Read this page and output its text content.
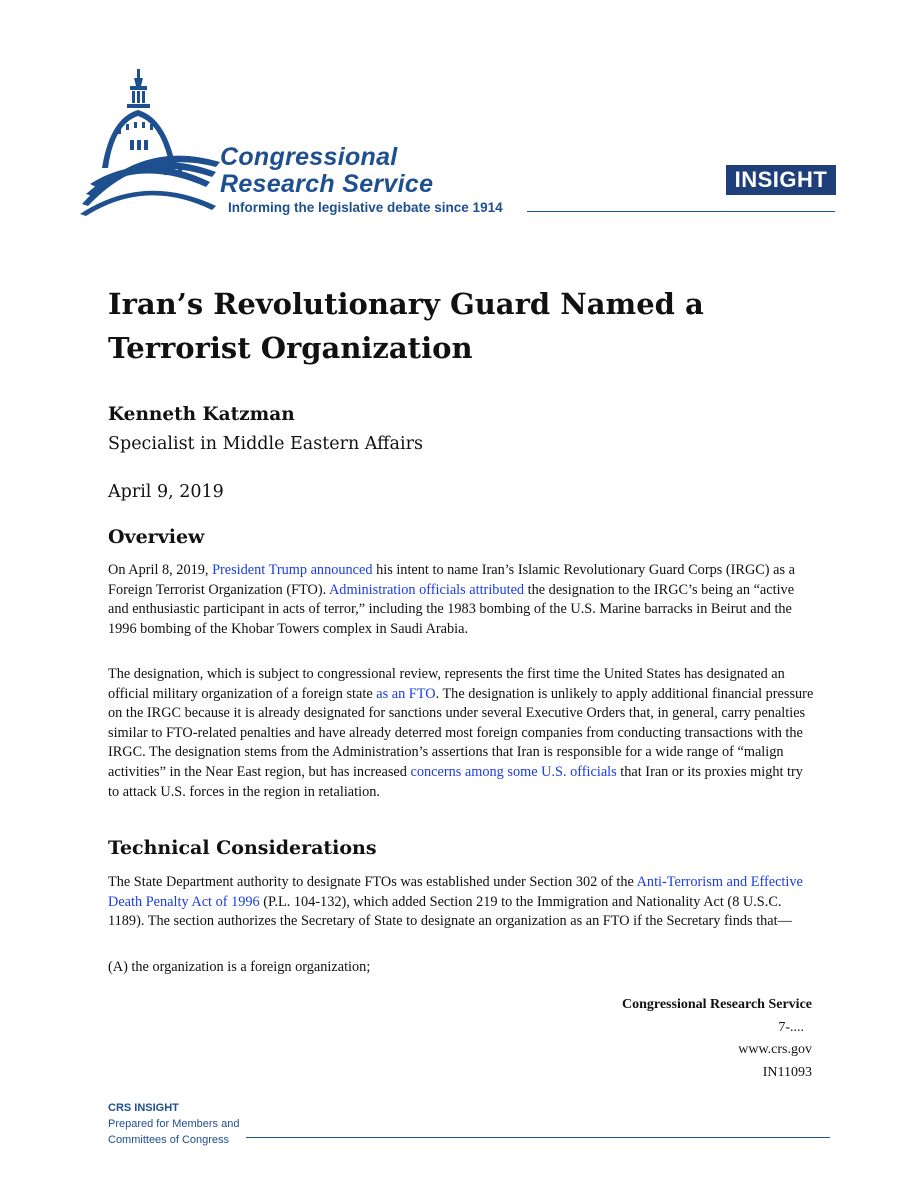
Congressional
Research Service
Informing the legislative debate since 1914
INSIGHT
Iran’s Revolutionary Guard Named a Terrorist Organization
Kenneth Katzman
Specialist in Middle Eastern Affairs
April 9, 2019
Overview

On April 8, 2019, President Trump announced his intent to name Iran’s Islamic Revolutionary Guard Corps (IRGC) as a Foreign Terrorist Organization (FTO). Administration officials attributed the designation to the IRGC’s being an “active and enthusiastic participant in acts of terror,” including the 1983 bombing of the U.S. Marine barracks in Beirut and the 1996 bombing of the Khobar Towers complex in Saudi Arabia.

The designation, which is subject to congressional review, represents the first time the United States has designated an official military organization of a foreign state as an FTO. The designation is unlikely to apply additional financial pressure on the IRGC because it is already designated for sanctions under several Executive Orders that, in general, carry penalties similar to FTO-related penalties and have already deterred most foreign companies from conducting transactions with the IRGC. The designation stems from the Administration’s assertions that Iran is responsible for a wide range of “malign activities” in the Near East region, but has increased concerns among some U.S. officials that Iran or its proxies might try to attack U.S. forces in the region in retaliation.

Technical Considerations

The State Department authority to designate FTOs was established under Section 302 of the Anti-Terrorism and Effective Death Penalty Act of 1996 (P.L. 104-132), which added Section 219 to the Immigration and Nationality Act (8 U.S.C. 1189). The section authorizes the Secretary of State to designate an organization as an FTO if the Secretary finds that—

(A) the organization is a foreign organization;

Congressional Research Service
7-....
www.crs.gov
IN11093
CRS INSIGHT
Prepared for Members and
Committees of Congress
